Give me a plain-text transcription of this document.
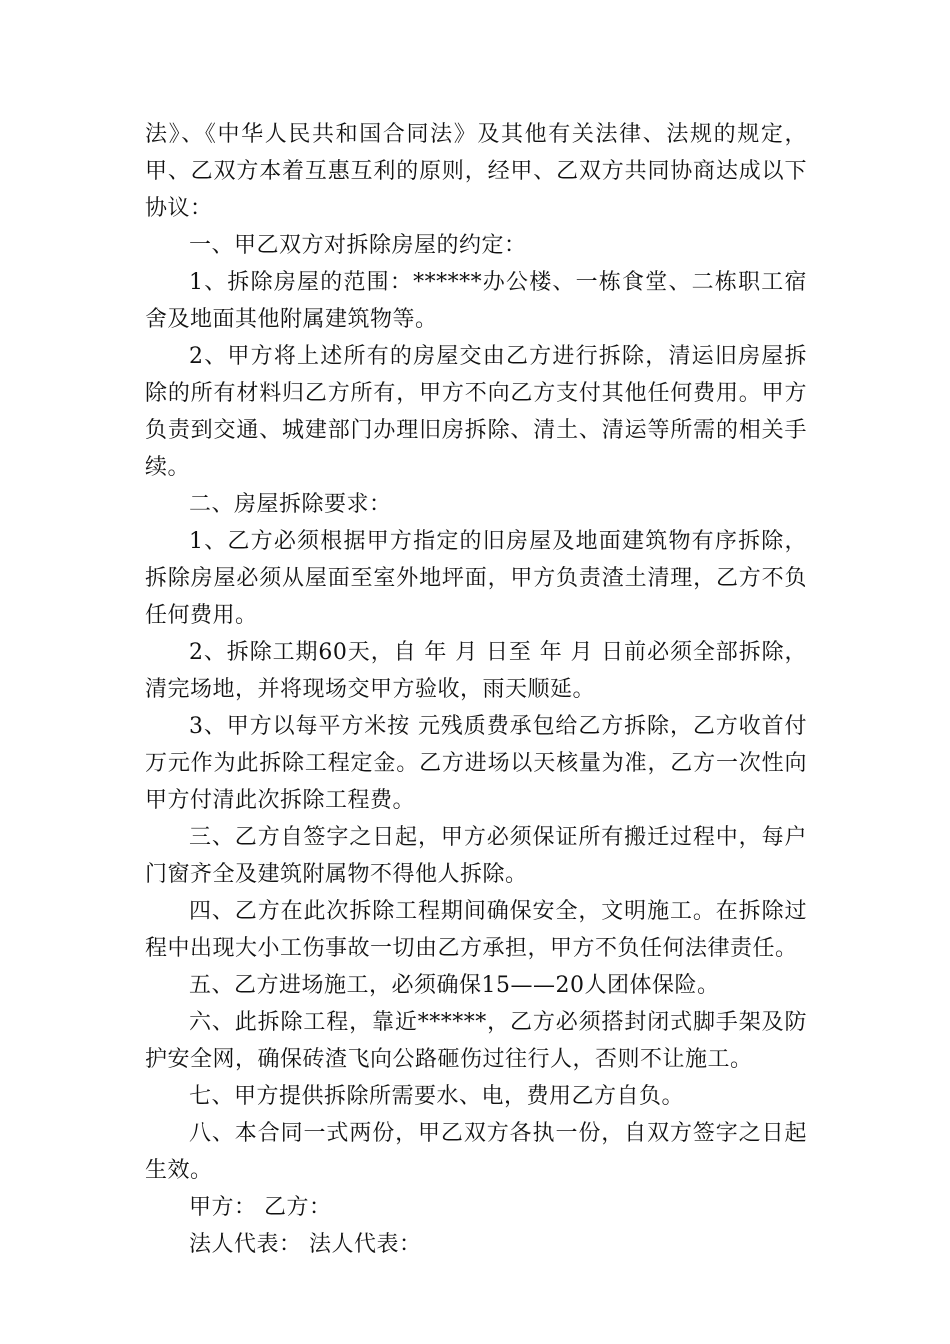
法》、《中华人民共和国合同法》及其他有关法律、法规的规定，甲、乙双方本着互惠互利的原则，经甲、乙双方共同协商达成以下协议：

一、甲乙双方对拆除房屋的约定：

1、拆除房屋的范围：******办公楼、一栋食堂、二栋职工宿舍及地面其他附属建筑物等。

2、甲方将上述所有的房屋交由乙方进行拆除，清运旧房屋拆除的所有材料归乙方所有，甲方不向乙方支付其他任何费用。甲方负责到交通、城建部门办理旧房拆除、清土、清运等所需的相关手续。

二、房屋拆除要求：

1、乙方必须根据甲方指定的旧房屋及地面建筑物有序拆除，拆除房屋必须从屋面至室外地坪面，甲方负责渣土清理，乙方不负任何费用。

2、拆除工期60天，自 年 月 日至 年 月 日前必须全部拆除，清完场地，并将现场交甲方验收，雨天顺延。

3、甲方以每平方米按 元残质费承包给乙方拆除，乙方收首付 万元作为此拆除工程定金。乙方进场以天核量为准，乙方一次性向甲方付清此次拆除工程费。

三、乙方自签字之日起，甲方必须保证所有搬迁过程中，每户门窗齐全及建筑附属物不得他人拆除。

四、乙方在此次拆除工程期间确保安全，文明施工。在拆除过程中出现大小工伤事故一切由乙方承担，甲方不负任何法律责任。

五、乙方进场施工，必须确保15——20人团体保险。

六、此拆除工程，靠近******，乙方必须搭封闭式脚手架及防护安全网，确保砖渣飞向公路砸伤过往行人，否则不让施工。

七、甲方提供拆除所需要水、电，费用乙方自负。

八、本合同一式两份，甲乙双方各执一份，自双方签字之日起生效。

甲方： 乙方：

法人代表： 法人代表：
